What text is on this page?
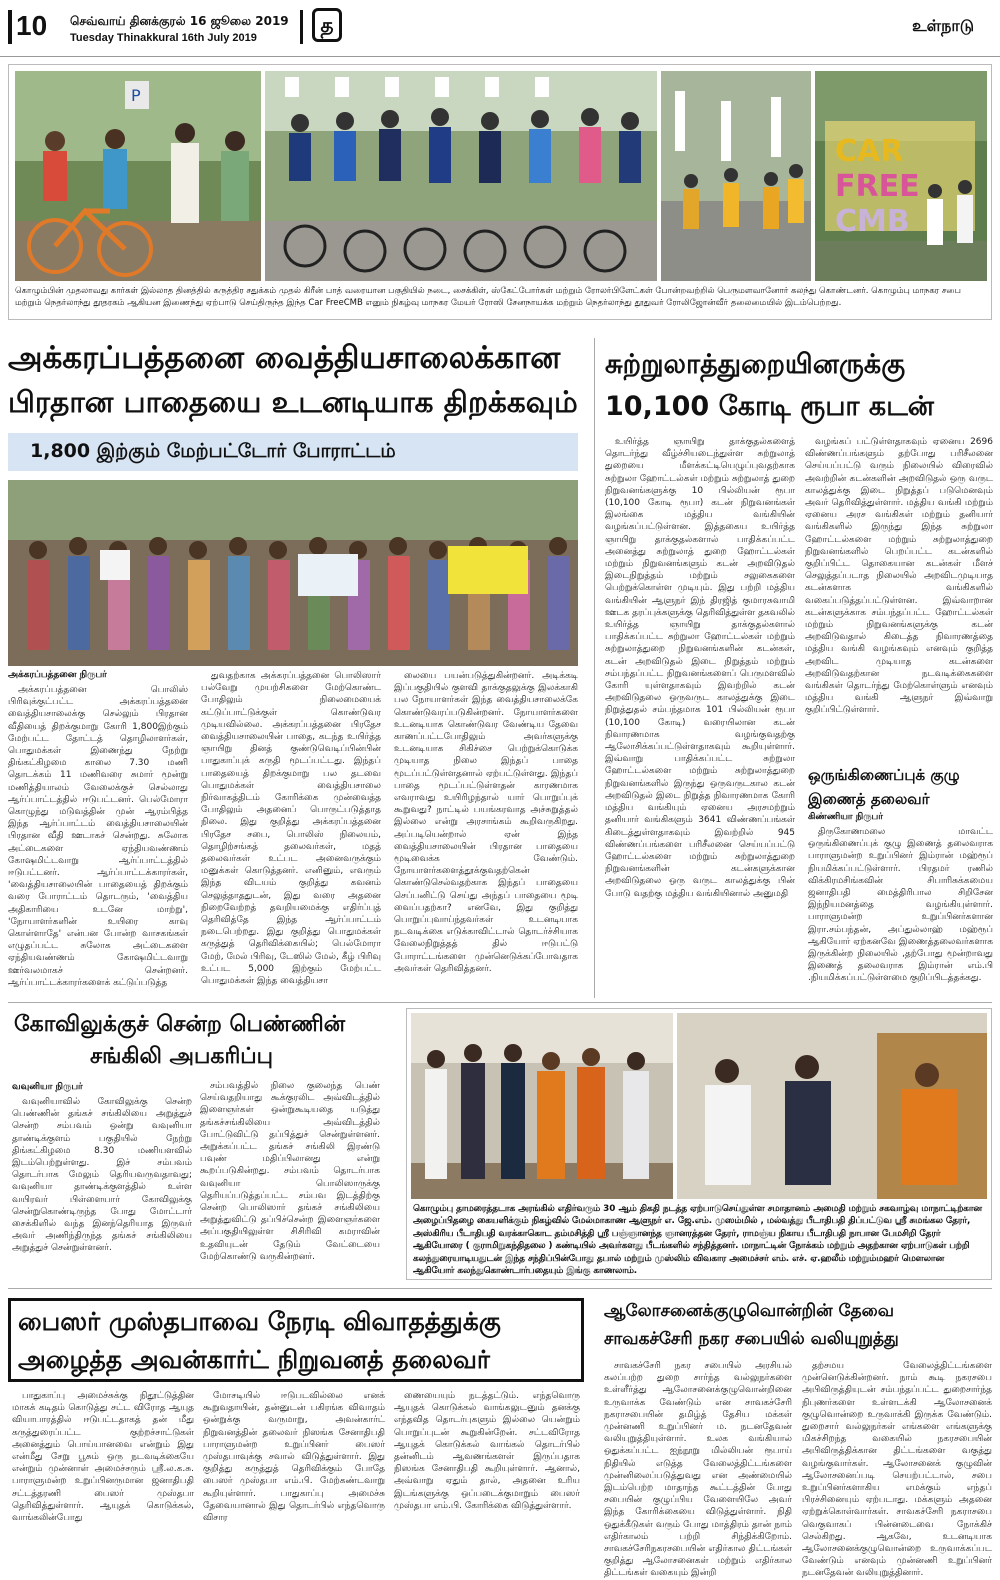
10 செவ்வாய் தினக்குரல் 16 ஜூலை 2019
Tuesday Thinakkural 16th July 2019
த	உள்நாடு
P
CAR
FREE
CMB
கொழும்பின் முதலாவது கார்கள் இல்லாத தினத்தில் கருத்திர சதுக்கம் முதல் கிரீன் பாத் வரையான பகுதியில் நடை, சைக்கிள், ஸ்கேட்போர்கள் மற்றும் ரோலர்பிளேட்கள் போன்றவற்றில் பெருமளவானோர் கலந்து கொண்டனர். கொழும்பு மாநகர சபை மற்றும் நெதர்லாந்து தூதரகம் ஆகியன இணைந்து ஏற்பாடு செய்திருந்த இந்த Car FreeCMB எனும் நிகழ்வு மாநகர மேயர் ரோஸி சேனநாயக்க மற்றும் நெதர்லாந்து தூதுவர் ரோலிஜோன்வீர் தலைமையில் இடம்பெற்றது.
அக்கரப்பத்தனை வைத்தியசாலைக்கான
பிரதான பாதையை உடனடியாக திறக்கவும்
1,800 இற்கும் மேற்பட்டோர் போராட்டம்
அக்கரப்பத்தனை நிருபர்

அக்கரப்பத்தனை பொலிஸ் பிரிவுக்குட்பட்ட அக்கரப்பத்தனை வைத்தியசாலைக்கு செல்லும் பிரதான வீதியைத் திறக்குமாறு கோரி 1,800இற்கும் மேற்பட்ட தோட்டத் தொழிலாளர்கள், பொதுமக்கள் இணைந்து நேற்று திங்கட்கிழமை காலை 7.30 மணி தொடக்கம் 11 மணிவரை சுமார் மூன்று மணித்தியாலம் வேலைக்குச் செல்லாது ஆர்ப்பாட்டத்தில் ஈடுபட்டனர். பெல்மோரா கொழுந்து மடுவத்தின் முன் ஆரம்பித்த இந்த ஆர்ப்பாட்டம் வைத்தியசாலையின் பிரதான வீதி ஊடாகச் சென்றது. சுலோக அட்டைகளை ஏந்தியவண்ணம் கோஷமிட்டவாறு ஆர்ப்பாட்டத்தில் ஈடுபட்டனர். ஆர்ப்பாட்டக்காரர்கள், 'வைத்தியசாலையின் பாதையைத் திறக்கும் வரை போராட்டம் தொடரும், 'வைத்திய அதிகாரியை உடனே மாற்று', 'நோயாளர்களின் உயிரை காவு கொள்ளாதே' என்பன போன்ற வாசகங்கள் எழுதப்பட்ட சுலோக அட்டைகளை ஏந்தியவண்ணம் கோஷமிட்டவாறு ஊர்வலமாகச் சென்றனர். ஆர்ப்பாட்டக்காரர்களைக் கட்டுப்படுத்த

துவதற்காக அக்கரப்பத்தனை பொலிஸார் பல்வேறு முயற்சிகளை மேற்கொண்ட போதிலும் நிலைமையைக் கட்டுப்பாட்டுக்குள் கொண்டுவர முடியவில்லை. அக்கரப்பத்தனை பிரதேச வைத்தியசாலையின் பாதை, கடந்த உயிர்த்த ஞாயிறு தினத் குண்டுவெடிப்பின்பின் பாதுகாப்புக் கருதி மூடப்பட்டது. இந்தப் பாதையைத் திறக்குமாறு பல தடவை பொதுமக்கள் வைத்தியசாலை நிர்வாகத்திடம் கோரிக்கை முன்வைத்த போதிலும் அதனைப் பொருட்படுத்தாத நிலை. இது குறித்து அக்கரப்பத்தனை பிரதேச சபை, பொலிஸ் நிலையம், தொழிற்சங்கத் தலைவர்கள், மதத் தலைவர்கள் உட்பட அனைவருக்கும் மனுக்கள் கொடுத்தனர். எனினும், எவரும் இந்த விடயம் குறித்து கவனம் செலுத்தாததுடன், இது வரை அதனை நிறைவேற்றத் தவறியமைக்கு எதிர்ப்புத் தெரிவித்தே இந்த ஆர்ப்பாட்டம் நடைபெற்றது. இது குறித்து பொதுமக்கள் கருத்துத் தெரிவிக்கையில்; பெல்மோரா மேற், மேல் பிரிவு, டேஸில் மேல், கீழ் பிரிவு உட்பட 5,000 இற்கும் மேற்பட்ட பொதுமக்கள் இந்த வைத்தியசா

லையை பயன்படுத்துகின்றனர். அடிக்கடி இப்பகுதியில் குளவி தாக்குதலுக்கு இலக்காகி பல நோயாளர்கள் இந்த வைத்தியசாலைக்கே கொண்டுவரப்படுகின்றனர். நோயாளர்களை உடனடியாக கொண்டுவர வேண்டிய தேவை காணப்பட்டபோதிலும் அவர்களுக்கு உடனடியாக சிகிச்சை பெற்றுக்கொடுக்க முடியாத நிலை இந்தப் பாதை மூடப்பட்டுள்ளதனால் ஏற்பட்டுள்ளது. இந்தப் பாதை மூடப்பட்டுள்ளதன் காரணமாக எவராவது உயிரிழந்தால் யார் பொறுப்புக் கூறுவது? நாட்டில் பயங்கரவாத அச்சுறுத்தல் இல்லை என்று அரசாங்கம் கூறிவருகிறது. அப்படியென்றால் ஏன் இந்த வைத்தியசாலையின் பிரதான பாதையை மூடிவைக்க வேண்டும். நோயாளர்களைத்தூக்குவதற்கென் கொண்டுசெல்வதற்காக இந்தப் பாதையை செப்பனிட்டு செய்து அந்தப் பாதையை மூடி வைப்பதற்கா? எனவே, இது குறித்து பொறுப்புவாய்ந்தவர்கள் உடனடியாக நடவடிக்கை எடுக்காவிட்டால் தொடர்ச்சியாக வேலைநிறுத்தத் தில் ஈடுபட்டு போராட்டங்களை முன்னெடுக்கப்போவதாக அவர்கள் தெரிவித்தனர்.

சுற்றுலாத்துறையினருக்கு
10,100 கோடி ரூபா கடன்

உயிர்த்த ஞாயிறு தாக்குதல்களைத் தொடர்ந்து வீழ்ச்சியடைந்துள்ள சுற்றுலாத் துறையை மீளக்கட்டியெழுப்புவதற்காக சுற்றுலா ஹோட்டல்கள் மற்றும் சுற்றுலாத் துறை நிறுவனங்களுக்கு 10 பில்லியன் ரூபா (10,100 கோடி ரூபா) கடன் நிறுவனங்கள் இலங்கை மத்திய வங்கியின் வழங்கப்பட்டுள்ளன. இத்தகைய உயிர்த்த ஞாயிறு தாக்குதல்களால் பாதிக்கப்பட்ட அனைத்து சுற்றுலாத் துறை ஹோட்டல்கள் மற்றும் நிறுவனங்களும் கடன் அறவிடுதல் இடைநிறுத்தம் மற்றும் சலுகைகளை பெற்றுக்கொள்ள முடியும். இது பற்றி மத்திய வங்கியின் ஆளுநர் இந் திரஜித் குமாரசுவாமி ஊடக தரப்புக்களுக்கு தெரிவித்துள்ள தகவலில் உயிர்த்த ஞாயிறு தாக்குதல்களால் பாதிக்கப்பட்ட சுற்றுலா ஹோட்டல்கள் மற்றும் சுற்றுலாத்துறை நிறுவனங்களின் கடன்கள், கடன் அறவிடுதல் இடை நிறுத்தம் மற்றும் சம்பந்தப்பட்ட நிறுவனங்களைப் பெருமளவில் கோரி யுள்ளதாகவும் இவற்றில் கடன் அறவிடுதலை ஒருவருட காலத்துக்கு இடை நிறுத்துதல் சம்பந்தமாக 101 பில்லியன் ரூபா (10,100 கோடி) வரையிலான கடன் நிவாரணமாக வழங்குவதற்கு ஆலோசிக்கப்பட்டுள்ளதாகவும் கூறியுள்ளார். இவ்வாறு பாதிக்கப்பட்ட சுற்றுலா ஹோட்டல்களை மற்றும் சுற்றுலாத்துறை நிறுவனங்களில் இருந்து ஒருவருடகால கடன் அறவிடுதல் இடை நிறுத்த நிவாரணமாக கோரி மத்திய வங்கியும் ஏனைய அரசமற்றும் தனியார் வங்கிகளும் 3641 விண்ணப்பங்கள் கிடைத்துள்ளதாகவும் இவற்றில் 945 விண்ணப்பங்களை பரிசீலனை செய்யப்பட்டு ஹோட்டல்களை மற்றும் சுற்றுலாத்துறை நிறுவனங்களின் கடன்களுக்கான அறவிடுதலை ஒரு வருட காலத்துக்கு பின் போடு வதற்கு மத்திய வங்கியினால் அனுமதி

வழங்கப் பட்டுள்ளதாகவும் ஏனைய 2696 விண்ணப்பங்களும் தற்போது பரிசீலனை செய்யப்பட்டு வரும் நிலையில் விரைவில் அவற்றின் கடன்களின் அறவிடுதல் ஒரு வருட காலத்துக்கு இடை நிறுத்தப் படுமெனவும் அவர் தெரிவித்துள்ளார். மத்திய வங்கி மற்றும் ஏனைய அரச வங்கிகள் மற்றும் தனியார் வங்கிகளில் இருந்து இந்த சுற்றுலா ஹோட்டல்களை மற்றும் சுற்றுலாத்துறை நிறுவனங்களில் பெறப்பட்ட கடன்களில் குறிப்பிட்ட தொகையான கடன்கள் மீளச் செலுத்தப்படாத நிலையில் அறவிடமுடியாத கடன்களாக வங்கிகளில் வகைப்படுத்தப்பட்டுள்ளன. இவ்வாறான கடன்களுக்காக சம்பந்தப்பட்ட ஹோட்டல்கள் மற்றும் நிறுவனங்களுக்கு கடன் அறவிடுவதால் கிடைத்த நிவாரணத்தை மத்திய வங்கி வழங்கவும் எனவும் குறித்த அறவிட முடியாத கடன்களை அறவிடுவதற்கான நடவடிக்கைகளை வங்கிகள் தொடர்ந்து மேற்கொள்ளும் எனவும் மத்திய வங்கி ஆளுநர் இவ்வாறு குறிப்பிட்டுள்ளார்.

ஒருங்கிணைப்புக் குழு
இணைத் தலைவர்
கிண்ணியா நிருபர்

திருகோணமலை மாவட்ட ஒருங்கிணைப்புக் குழு இணைத் தலைவராக பாராளுமன்ற உறுப்பினர் இம்ரான் மஹ்ரூப் நியமிக்கப்பட்டுள்ளார். பிரதமர் ரணில் விக்கிரமசிங்கவின் சிபாரிசுக்கமைய ஜனாதிபதி மைத்திரிபால சிறிசேன இந்நியமனத்தை வழங்கியுள்ளார். பாராளுமன்ற உறுப்பினர்களான இரா.சம்பந்தன், அப்துல்லாஹ் மஹ்ரூப் ஆகியோர் ஏற்கனவே இணைத்தலைவர்களாக இருக்கின்ற நிலையில் ,தற்போது மூன்றாவது இணைத் தலைவராக இம்ரான் எம்.பி .நியமிக்கப்பட்டுள்ளமை குறிப்பிடத்தக்கது.

கோவிலுக்குச் சென்ற பெண்ணின்
சங்கிலி அபகரிப்பு
வவுனியா நிருபர்

வவுனியாவில் கோவிலுக்கு சென்ற பெண்ணின் தங்கச் சங்கிலியை அறுத்துச் சென்ற சம்பவம் ஒன்று வவுனியா தாண்டிக்குளம் பகுதியில் நேற்று திங்கட்கிழமை 8.30 மணியளவில் இடம்பெற்றுள்ளது. இச் சம்பவம் தொடர்பாக மேலும் தெரியவருவதாவது; வவுனியா தாண்டிக்குளத்தில் உள்ள வயிரவர் பிள்ளையார் கோவிலுக்கு சென்றுகொண்டிருந்த போது மோட்டார் சைக்கிளில் வந்த இனந்தெரியாத இருவர் அவர் அணிந்திருந்த தங்கச் சங்கிலியை அறுத்துச் சென்றுள்ளனர்.

சம்பவத்தில் நிலை குலைந்த பெண் செய்வதறியாது கூக்குரலிட அவ்விடத்தில் இளைஞர்கள் ஒன்றுகூடியதை யடுத்து தங்கச்சங்கிலியை அவ்விடத்தில் போட்டுவிட்டு தப்பித்துச் சென்றுள்ளனர். அறுக்கப்பட்ட தங்கச் சங்கிலி இரண்டு பவுண் மதிப்பிலானது என்று கூறப்படுகின்றது. சம்பவம் தொடர்பாக வவுனியா பொலிஸாருக்கு தெரியப்படுத்தப்பட்ட சம்பவ இடத்திற்கு சென்ற பொலிஸார் தங்கச் சங்கிலியை அறுத்துவிட்டு தப்பிச்சென்ற இளைஞர்களை அப்பகுதியிலுள்ள சிசிரிவி கமராவின் உதவியுடன் தேடும் வேட்டையை மேற்கொண்டு வருகின்றனர்.

கொழும்பு தாமரைத்தடாக அரங்கில் எதிர்வரும் 30 ஆம் திகதி நடத்த ஏற்பாடுசெய்துள்ள சமாதானம் அமைதி மற்றும் சகவாழ்வு மாநாட்டிற்கான அழைப்பிதழை கையளிக்கும் நிகழ்வில் மேல்மாகாண ஆளுநர் எ. ஜே.எம். முஸம்மில் , மல்வத்து பீடாதிபதி திப்பட்டுவ ஸ்ரீ சுமங்கல தேரர், அஸ்கிரிய பீடாதிபதி வரக்காகொட தம்மசித்தி ஸ்ரீ பஞ்ஞானந்த ஞானரத்தன தேரர், ராமஞ்ய நிகாய பீடாதிபதி நாபான பேமசிறி தேரர் ஆகியோரை ( குராமிறுகந்திதலை ) கண்டியில் அவர்களது பீடங்களில் சந்தித்தனர். மாநாட்டின் நோக்கம் மற்றும் அதற்கான ஏற்பாடுகள் பற்றி கலந்துரையாடியதுடன் இந்த சந்திப்பின்போது தபால் மற்றும் முஸ்லிம் விவகார அமைச்சர் எம். எச். ஏ.ஹலீம் மற்றும்மஹர் மௌலான ஆகியோர் கலந்துகொண்டார்பதையும் இங்கு காணலாம்.
பைஸர் முஸ்தபாவை நேரடி விவாதத்துக்கு
அழைத்த அவன்கார்ட் நிறுவனத் தலைவர்

பாதுகாப்பு அமைச்சுக்கு நிதூட்டுத்தின மாகக் கடிதம் கொடுத்து சட்ட விரோத ஆயுத வியாபாரத்தில் ஈடுபட்டதாகத் தன் மீது கருத்துரைப்பட்ட குற்றச்சாட்டுகள் அனைத்தும் பொய்யானவை என்றும் இது என்மீது சேறு பூசும் ஒரு நடவடிக்கையே என்றும் முன்னாள் அமைச்சரும் ஸ்ரீ.ல.க.சு. பாராளுமன்ற உறுப்பினருமான ஜனாதிபதி சட்டத்தரணி பைஸர் முஸ்தபா தெரிவித்துள்ளார். ஆயுதக் கொடுக்கல், வாங்கலின்போது

மோசடியில் ஈடுபடவில்லை எனக் கூறுவதாயின், தன்னுடன் பகிரங்க விவாதம் ஒன்றுக்கு வருமாறு, அவன்கார்ட் நிறுவனத்தின் தலைவர் நிஸங்க சேனாதிபதி பாராளுமன்ற உறுப்பினர் பைஸர் முஸ்தபாவுக்கு சவால் விடுத்துள்ளார். இது குறித்து கருத்துத் தெரிவிக்கும் போதே பைஸர் முஸ்தபா எம்.பி. மேற்கண்டவாறு கூறியுள்ளார். பாதுகாப்பு அமைச்சு தேவையானால் இது தொடர்பில் எந்தவொரு விசார

ணையையும் நடத்தட்டும். எந்தவொரு ஆயுதக் கொடுக்கல் வாங்கலுடனும் தனக்கு எந்தவித தொடர்புகளும் இல்லை யென்றும் பொறுப்புடன் கூறுகின்றேன். சட்டவிரோத ஆயுதக் கொடுக்கல் வாங்கல் தொடர்பில் தன்னிடம் ஆவணங்களள் இருப்பதாக நிஸங்க சேனாதிபதி கூறியுள்ளார். ஆனால், அவ்வாறு ஏதும் தால், அதனை உரிய இடங்களுக்கு ஒப்படைக்குமாறும் பைஸர் முஸ்தபா எம்.பி. கோரிக்கை விடுத்துள்ளார்.

ஆலோசனைக்குழுவொன்றின் தேவை
சாவகச்சேரி நகர சபையில் வலியுறுத்து

சாவகச்சேரி நகர சபையில் அரசியல் கலப்பற்ற துறை சார்ந்த வல்லுநர்களை உள்ளீர்த்து ஆலோசனைக்குழுவொன்றினை உருவாக்க வேண்டும் என சாவகச்சேரி நகராசபையின் தமிழ்த் தேசிய மக்கள் முன்னணி உறுப்பினர் ம. நடனதேவன் வலியுறுத்தியுள்ளார். உலக வங்கியால் ஒதுக்கப்பட்ட ஐந்நூறு மில்லியன் ரூபாய் நிதியில் எடுத்த வேலைத்திட்டங்களை முன்னிலைப்படுத்துவது என அண்மையில் இடம்பெற்ற மாதாந்த கூட்டத்தின் போது சபையின் குழுப்பிய வேளையிலே அவர் இந்த கோரிக்கையை விடுத்துள்ளார். நிதி ஒதுக்கீடுகள் வரும் போது மாத்திரம் தான் நாம் எதிர்காலம் பற்றி சிந்திக்கிறோம். சாவகச்சேரிநகரசபையின் எதிர்கால திட்டங்கள் குறித்து ஆலோசனைகள் மற்றும் எதிர்கால திட்டங்கள் வகையும் இன்றி

தற்சமய வேலைத்திட்டங்களை முன்னெடுக்கின்றனர். நாம் கூடி நகரசபை அபிவிருத்தியுடன் சம்பந்தப்பட்ட துறைசார்ந்த நிபுணர்களை உள்ளடக்கி ஆலோசனைக் குழுவொன்றை உருவாக்கி இருக்க வேண்டும். துறைசார் வல்லுநர்கள் எங்களை எங்களுக்கு மிகச்சிறந்த வகையில் நகரசபையின் அபிவிருத்திக்கான திட்டங்களை வகுத்து வழங்குவார்கள். ஆலோசனைக் குழுவின் ஆலோசனைப்படி செயற்பட்டால், சபை உறுப்பினர்களாகிய எமக்கும் எந்தப் பிரச்சினையும் ஏற்படாது. மக்களும் அதனை ஏற்றுக்கொள்வார்கள். சாவகச்சேரி நகராசபை வெகுவாகப் பின்னடைவை நோக்கிச் செல்கிறது. ஆகவே, உடனடியாக ஆலோசனைக்குழுவொன்றை உருவாக்கப்பட வேண்டும் எனவும் முன்னணி உறுப்பினர் நடனதேவன் வலியுறுத்தினார்.
